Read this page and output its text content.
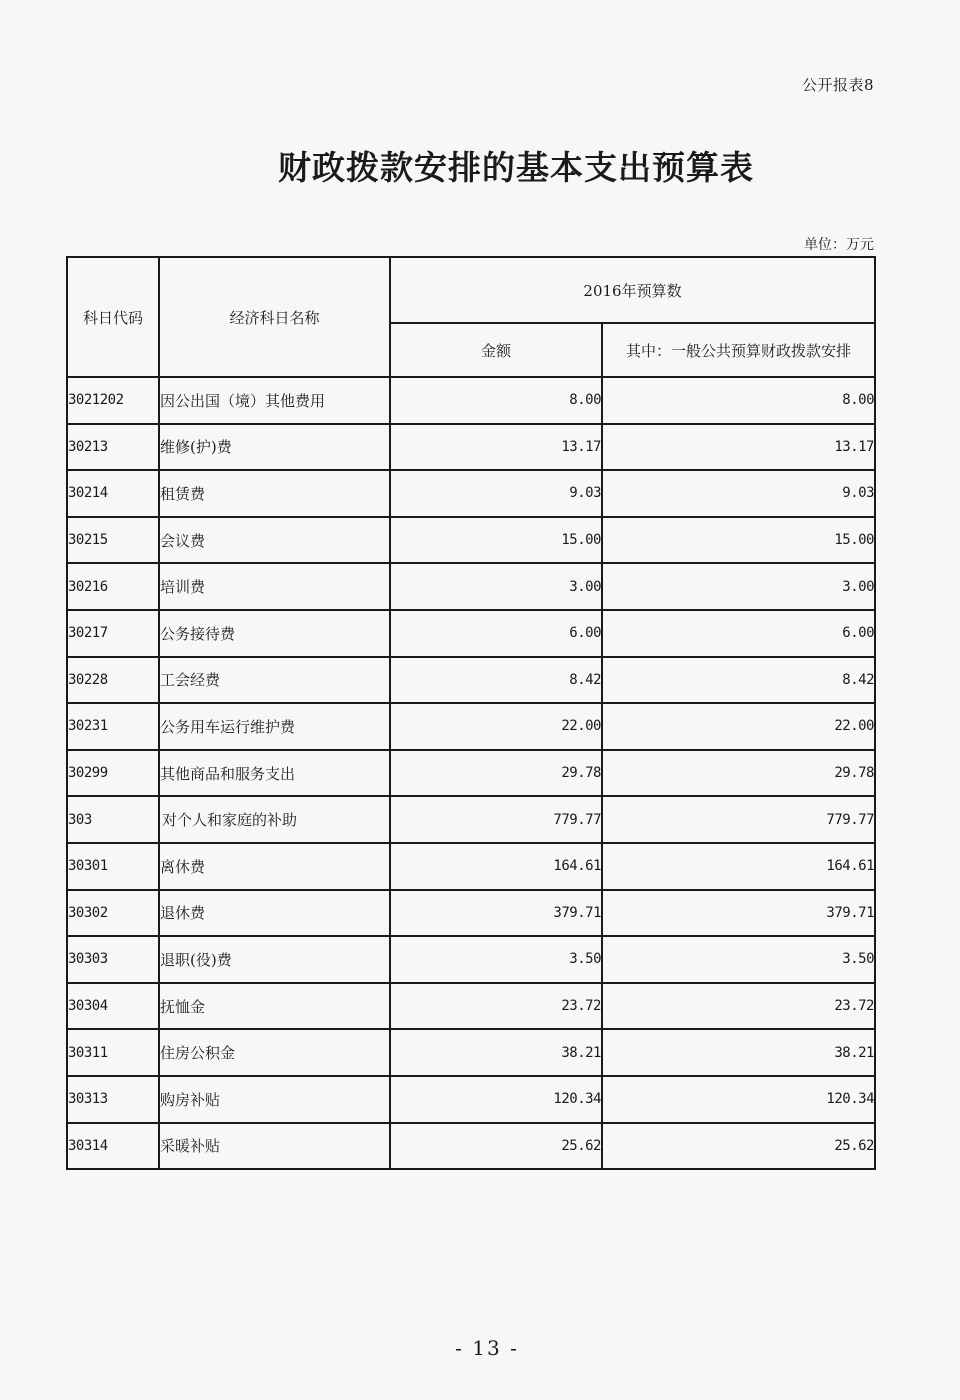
公开报表8
财政拨款安排的基本支出预算表
单位：万元
科日代码	经济科日名称	2016年预算数	
		金额	其中：一般公共预算财政拨款安排
3021202	因公出国（境）其他费用	8.00	8.00
30213	维修(护)费	13.17	13.17
30214	租赁费	9.03	9.03
30215	会议费	15.00	15.00
30216	培训费	3.00	3.00
30217	公务接待费	6.00	6.00
30228	工会经费	8.42	8.42
30231	公务用车运行维护费	22.00	22.00
30299	其他商品和服务支出	29.78	29.78
303	对个人和家庭的补助	779.77	779.77
30301	离休费	164.61	164.61
30302	退休费	379.71	379.71
30303	退职(役)费	3.50	3.50
30304	抚恤金	23.72	23.72
30311	住房公积金	38.21	38.21
30313	购房补贴	120.34	120.34
30314	采暖补贴	25.62	25.62
- 13 -
